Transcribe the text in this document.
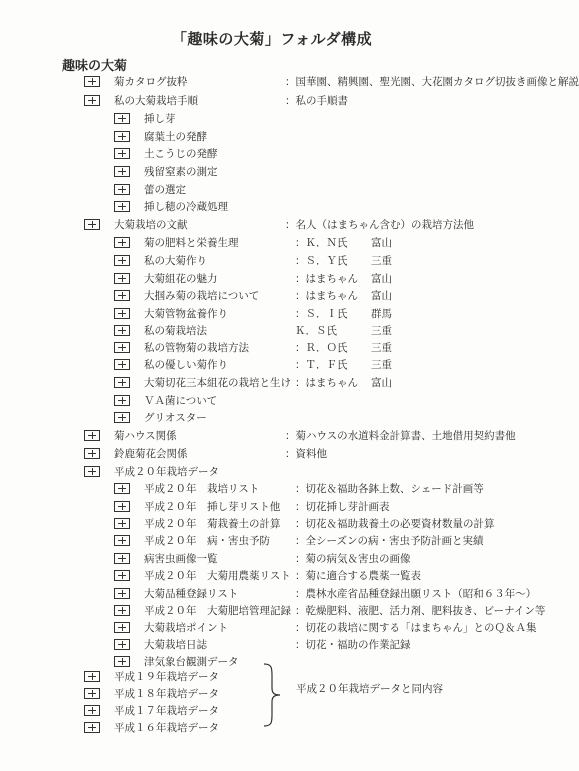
「趣味の大菊」フォルダ構成
趣味の大菊
菊カタログ抜粋	：国華園、精興園、聖光園、大花園カタログ切抜き画像と解説
私の大菊栽培手順	：私の手順書
挿し芽
腐葉土の発酵
土こうじの発酵
残留窒素の測定
蕾の選定
挿し穂の冷蔵処理
大菊栽培の文献	：名人（はまちゃん含む）の栽培方法他
菊の肥料と栄養生理	：Ｋ．Ｎ氏 富山
私の大菊作り	：Ｓ．Ｙ氏 三重
大菊組花の魅力	：はまちゃん 富山
大掴み菊の栽培について	：はまちゃん 富山
大菊管物盆養作り	：Ｓ．Ｉ氏 群馬
私の菊栽培法	Ｋ．Ｓ氏	三重
私の管物菊の栽培方法	：Ｒ．Ｏ氏 三重
私の優しい菊作り	：Ｔ．Ｆ氏 三重
大菊切花三本組花の栽培と生け ：はまちゃん 富山
ＶＡ菌について
グリオスター
菊ハウス関係	：菊ハウスの水道料金計算書、土地借用契約書他
鈴鹿菊花会関係	：資料他
平成２０年栽培データ
平成２０年　栽培リスト	：切花＆福助各鉢上数、シェード計画等
平成２０年　挿し芽リスト他 ：切花挿し芽計画表
平成２０年　菊栽養土の計算 ：切花＆福助栽養土の必要資材数量の計算
平成２０年　病・害虫予防 ：全シーズンの病・害虫予防計画と実績
病害虫画像一覧	：菊の病気＆害虫の画像
平成２０年　大菊用農薬リスト ：菊に適合する農薬一覧表
大菊品種登録リスト	：農林水産省品種登録出願リスト（昭和６３年〜）
平成２０年　大菊肥培管理記録 ：乾燥肥料、液肥、活力剤、肥料抜き、ビーナイン等
大菊栽培ポイント	：切花の栽培に関する「はまちゃん」とのＱ＆Ａ集
大菊栽培日誌	：切花・福助の作業記録
津気象台観測データ
平成１９年栽培データ
平成１８年栽培データ
平成１７年栽培データ
平成１６年栽培データ
平成２０年栽培データと同内容
